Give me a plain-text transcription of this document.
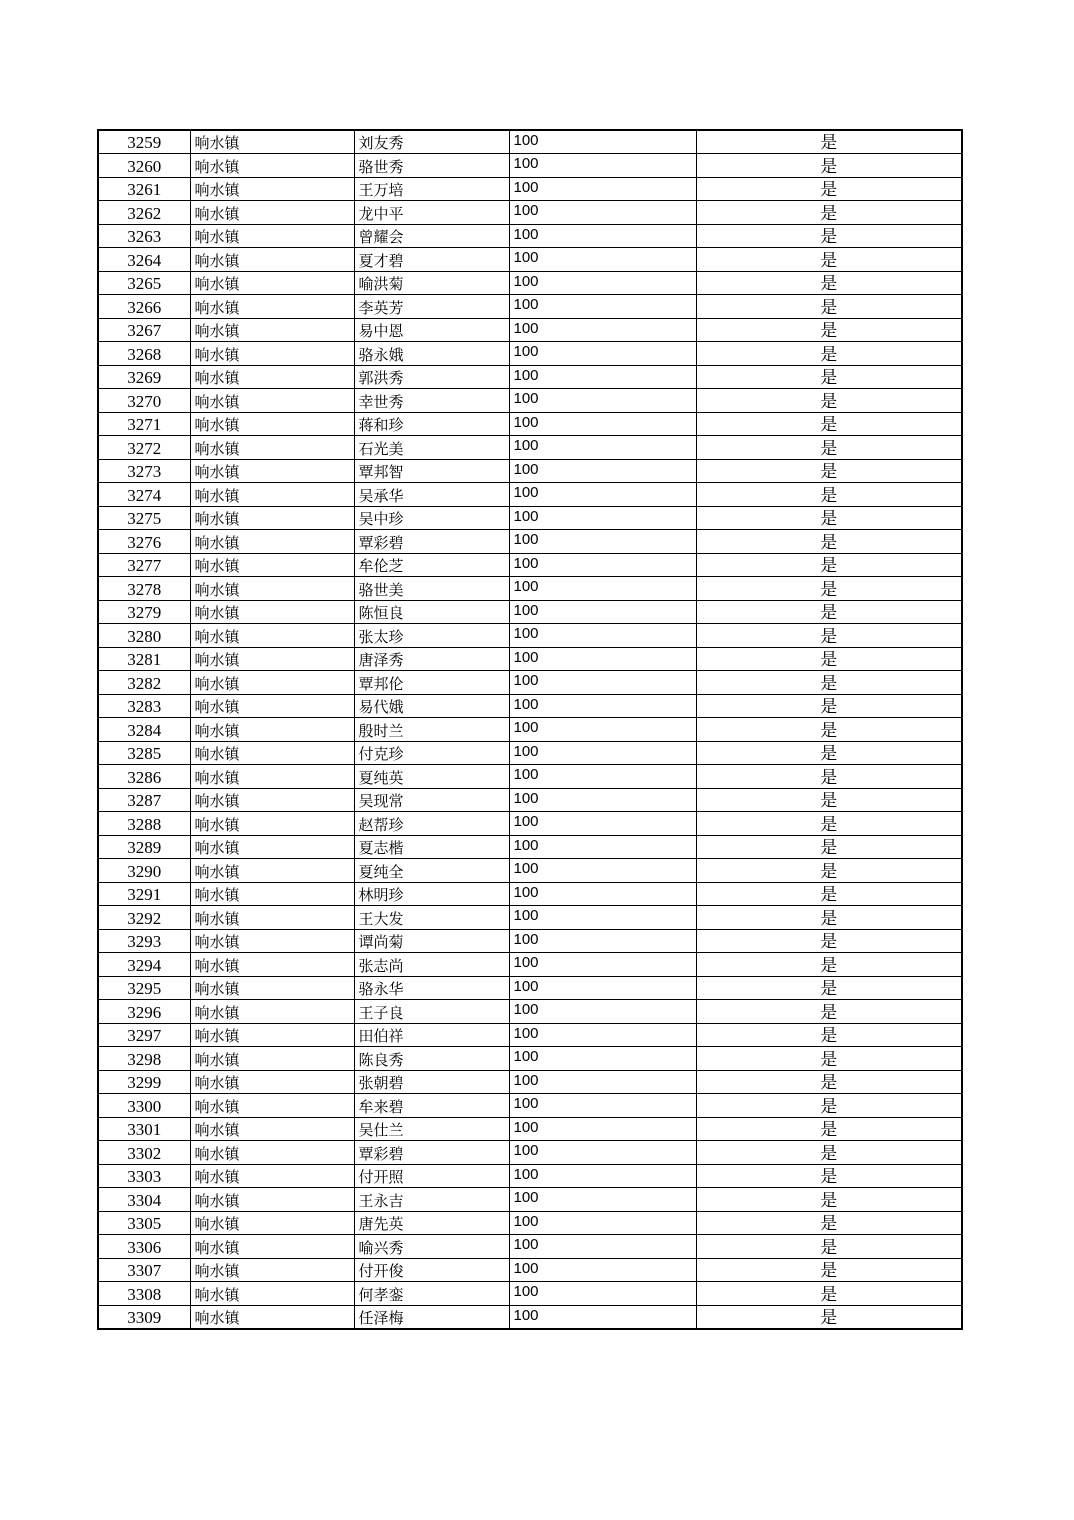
3259	响水镇	刘友秀	100	是
3260	响水镇	骆世秀	100	是
3261	响水镇	王万培	100	是
3262	响水镇	龙中平	100	是
3263	响水镇	曾耀会	100	是
3264	响水镇	夏才碧	100	是
3265	响水镇	喻洪菊	100	是
3266	响水镇	李英芳	100	是
3267	响水镇	易中恩	100	是
3268	响水镇	骆永娥	100	是
3269	响水镇	郭洪秀	100	是
3270	响水镇	幸世秀	100	是
3271	响水镇	蒋和珍	100	是
3272	响水镇	石光美	100	是
3273	响水镇	覃邦智	100	是
3274	响水镇	吴承华	100	是
3275	响水镇	吴中珍	100	是
3276	响水镇	覃彩碧	100	是
3277	响水镇	牟伦芝	100	是
3278	响水镇	骆世美	100	是
3279	响水镇	陈恒良	100	是
3280	响水镇	张太珍	100	是
3281	响水镇	唐泽秀	100	是
3282	响水镇	覃邦伦	100	是
3283	响水镇	易代娥	100	是
3284	响水镇	殷时兰	100	是
3285	响水镇	付克珍	100	是
3286	响水镇	夏纯英	100	是
3287	响水镇	吴现常	100	是
3288	响水镇	赵帮珍	100	是
3289	响水镇	夏志楷	100	是
3290	响水镇	夏纯全	100	是
3291	响水镇	林明珍	100	是
3292	响水镇	王大发	100	是
3293	响水镇	谭尚菊	100	是
3294	响水镇	张志尚	100	是
3295	响水镇	骆永华	100	是
3296	响水镇	王子良	100	是
3297	响水镇	田伯祥	100	是
3298	响水镇	陈良秀	100	是
3299	响水镇	张朝碧	100	是
3300	响水镇	牟来碧	100	是
3301	响水镇	吴仕兰	100	是
3302	响水镇	覃彩碧	100	是
3303	响水镇	付开照	100	是
3304	响水镇	王永吉	100	是
3305	响水镇	唐先英	100	是
3306	响水镇	喻兴秀	100	是
3307	响水镇	付开俊	100	是
3308	响水镇	何孝銮	100	是
3309	响水镇	任泽梅	100	是
